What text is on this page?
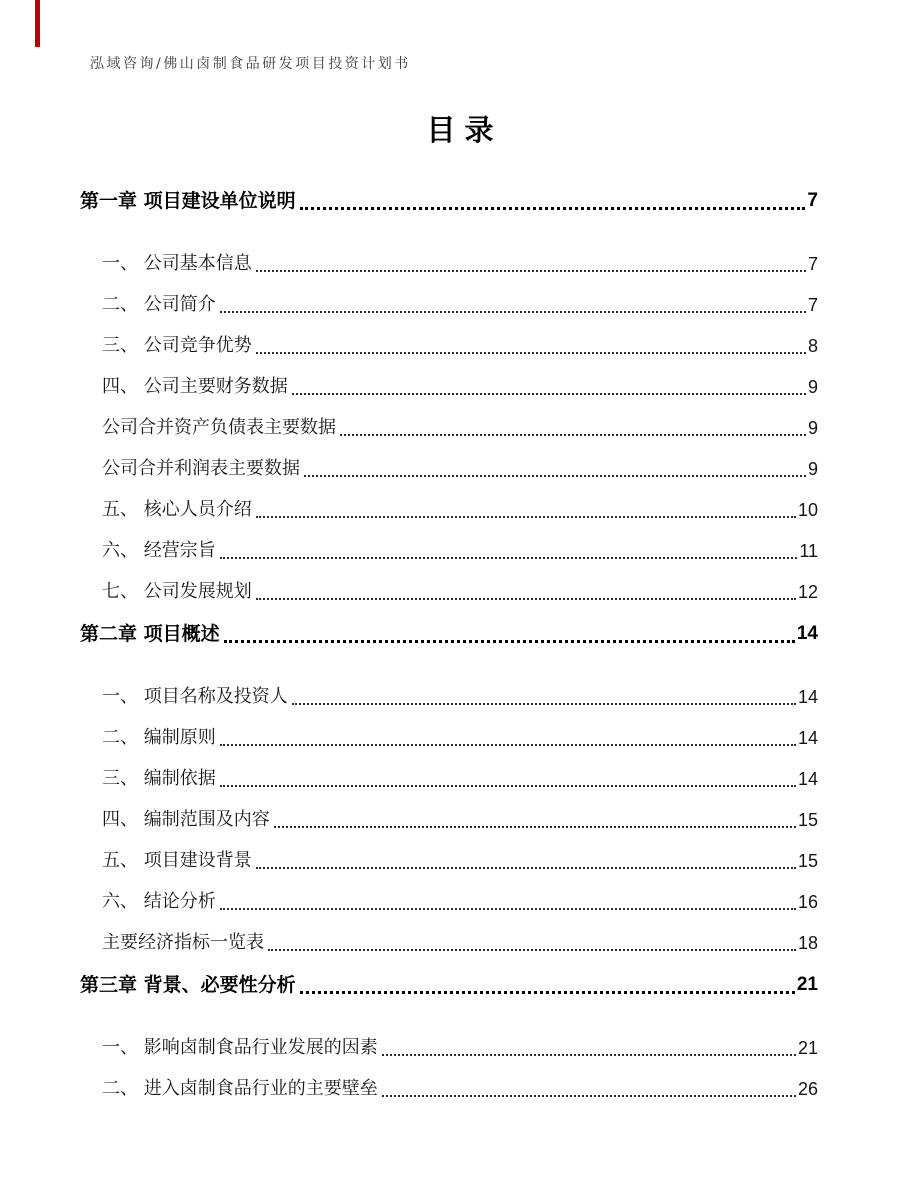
泓域咨询/佛山卤制食品研发项目投资计划书
目录
第一章 项目建设单位说明	7
一、 公司基本信息	7
二、 公司简介	7
三、 公司竞争优势	8
四、 公司主要财务数据	9
公司合并资产负债表主要数据	9
公司合并利润表主要数据	9
五、 核心人员介绍	10
六、 经营宗旨	11
七、 公司发展规划	12
第二章 项目概述	14
一、 项目名称及投资人	14
二、 编制原则	14
三、 编制依据	14
四、 编制范围及内容	15
五、 项目建设背景	15
六、 结论分析	16
主要经济指标一览表	18
第三章 背景、必要性分析	21
一、 影响卤制食品行业发展的因素	21
二、 进入卤制食品行业的主要壁垒	26
